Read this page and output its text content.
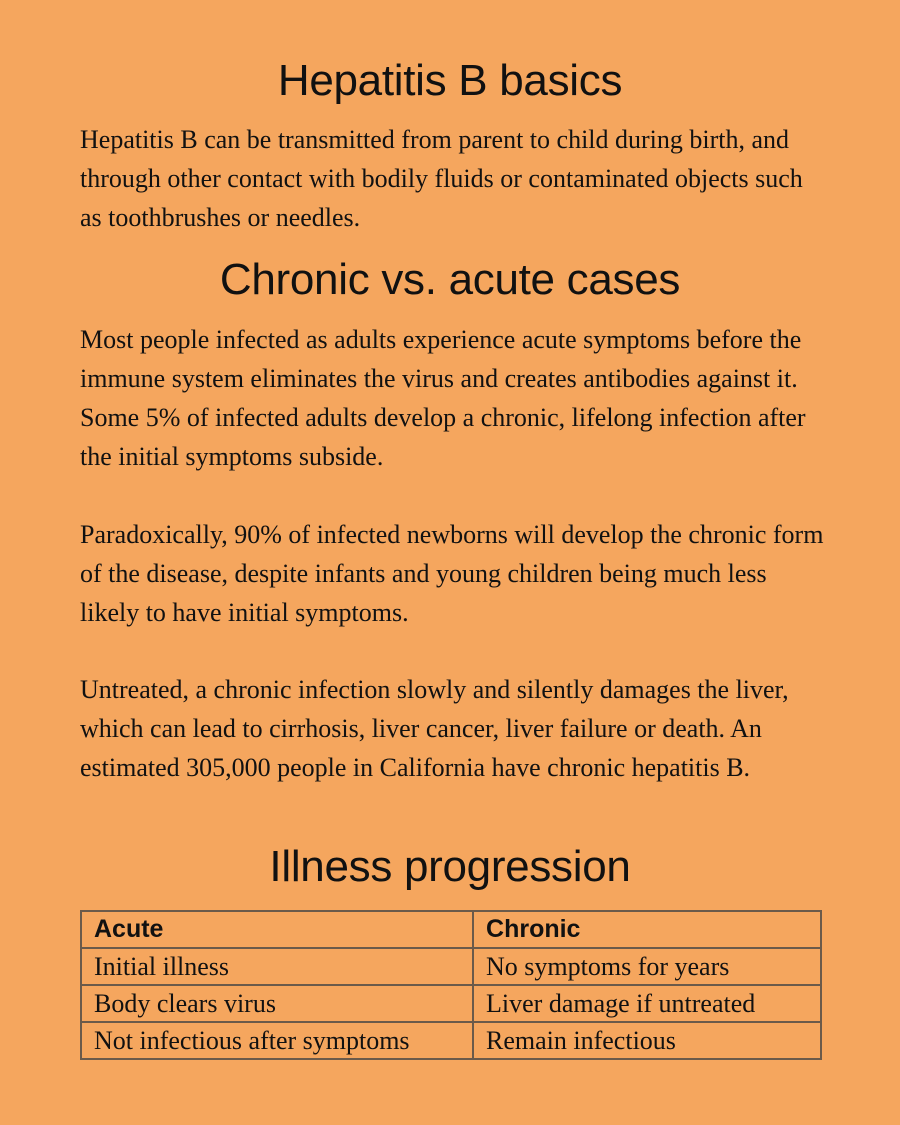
Hepatitis B basics

Hepatitis B can be transmitted from parent to child during birth, and through other contact with bodily fluids or contaminated objects such as toothbrushes or needles.

Chronic vs. acute cases

Most people infected as adults experience acute symptoms before the immune system eliminates the virus and creates antibodies against it. Some 5% of infected adults develop a chronic, lifelong infection after the initial symptoms subside.

Paradoxically, 90% of infected newborns will develop the chronic form of the disease, despite infants and young children being much less likely to have initial symptoms.

Untreated, a chronic infection slowly and silently damages the liver, which can lead to cirrhosis, liver cancer, liver failure or death. An estimated 305,000 people in California have chronic hepatitis B.

Illness progression
Acute	Chronic
Initial illness	No symptoms for years
Body clears virus	Liver damage if untreated
Not infectious after symptoms	Remain infectious
